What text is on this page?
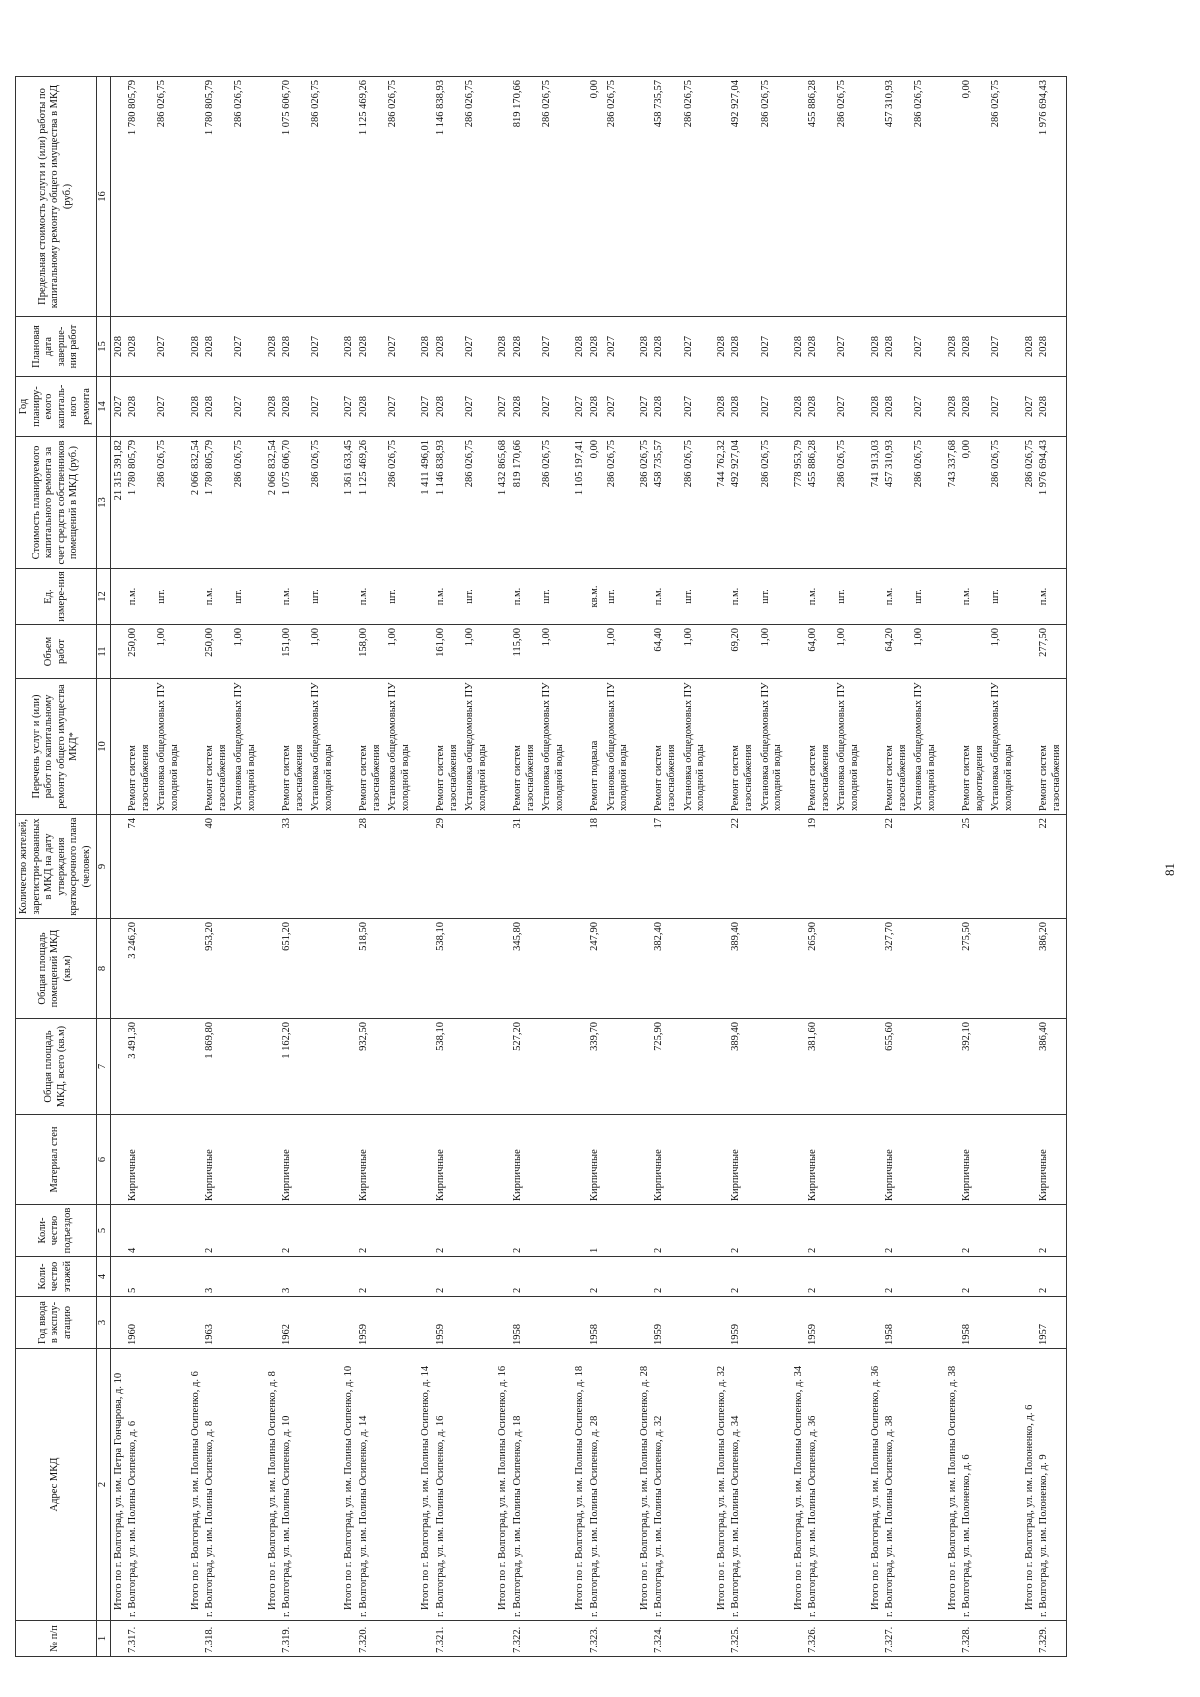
81
№ п/п	Адрес МКД	Год ввода в эксплу-атацию	Коли-чество этажей	Коли-чество подъездов	Материал стен	Общая площадь МКД, всего (кв.м)	Общая площадь помещений МКД (кв.м)	Количество жителей, зарегистри-рованных в МКД на дату утверждения краткосрочного плана (человек)	Перечень услуг и (или) работ по капитальному ремонту общего имущества МКД*	Объем работ	Ед. измере-ния	Стоимость планируемого капитального ремонта за счет средств собственников помещений в МКД (руб.)	Год планиру-емого капиталь-ного ремонта	Плановая дата заверше-ния работ	Предельная стоимость услуги и (или) работы по капитальному ремонту общего имущества в МКД (руб.)
1	2	3	4	5	6	7	8	9	10	11	12	13	14	15	16
	Итого по г. Волгоград, ул. им. Петра Гончарова, д. 10											21 315 391,82	2027	2028	
7.317.	г. Волгоград, ул. им. Полины Осипенко, д. 6	1960	5	4	Кирпичные	3 491,30	3 246,20	74	Ремонт систем газоснабжения	250,00	п.м.	1 780 805,79	2028	2028	1 780 805,79
									Установка общедомовых ПУ холодной воды	1,00	шт.	286 026,75	2027	2027	286 026,75
	Итого по г. Волгоград, ул. им. Полины Осипенко, д. 6											2 066 832,54	2028	2028	
7.318.	г. Волгоград, ул. им. Полины Осипенко, д. 8	1963	3	2	Кирпичные	1 869,80	953,20	40	Ремонт систем газоснабжения	250,00	п.м.	1 780 805,79	2028	2028	1 780 805,79
									Установка общедомовых ПУ холодной воды	1,00	шт.	286 026,75	2027	2027	286 026,75
	Итого по г. Волгоград, ул. им. Полины Осипенко, д. 8											2 066 832,54	2028	2028	
7.319.	г. Волгоград, ул. им. Полины Осипенко, д. 10	1962	3	2	Кирпичные	1 162,20	651,20	33	Ремонт систем газоснабжения	151,00	п.м.	1 075 606,70	2028	2028	1 075 606,70
									Установка общедомовых ПУ холодной воды	1,00	шт.	286 026,75	2027	2027	286 026,75
	Итого по г. Волгоград, ул. им. Полины Осипенко, д. 10											1 361 633,45	2027	2028	
7.320.	г. Волгоград, ул. им. Полины Осипенко, д. 14	1959	2	2	Кирпичные	932,50	518,50	28	Ремонт систем газоснабжения	158,00	п.м.	1 125 469,26	2028	2028	1 125 469,26
									Установка общедомовых ПУ холодной воды	1,00	шт.	286 026,75	2027	2027	286 026,75
	Итого по г. Волгоград, ул. им. Полины Осипенко, д. 14											1 411 496,01	2027	2028	
7.321.	г. Волгоград, ул. им. Полины Осипенко, д. 16	1959	2	2	Кирпичные	538,10	538,10	29	Ремонт систем газоснабжения	161,00	п.м.	1 146 838,93	2028	2028	1 146 838,93
									Установка общедомовых ПУ холодной воды	1,00	шт.	286 026,75	2027	2027	286 026,75
	Итого по г. Волгоград, ул. им. Полины Осипенко, д. 16											1 432 865,68	2027	2028	
7.322.	г. Волгоград, ул. им. Полины Осипенко, д. 18	1958	2	2	Кирпичные	527,20	345,80	31	Ремонт систем газоснабжения	115,00	п.м.	819 170,66	2028	2028	819 170,66
									Установка общедомовых ПУ холодной воды	1,00	шт.	286 026,75	2027	2027	286 026,75
	Итого по г. Волгоград, ул. им. Полины Осипенко, д. 18											1 105 197,41	2027	2028	
7.323.	г. Волгоград, ул. им. Полины Осипенко, д. 28	1958	2	1	Кирпичные	339,70	247,90	18	Ремонт подвала		кв.м.	0,00	2028	2028	0,00
									Установка общедомовых ПУ холодной воды	1,00	шт.	286 026,75	2027	2027	286 026,75
	Итого по г. Волгоград, ул. им. Полины Осипенко, д. 28											286 026,75	2027	2028	
7.324.	г. Волгоград, ул. им. Полины Осипенко, д. 32	1959	2	2	Кирпичные	725,90	382,40	17	Ремонт систем газоснабжения	64,40	п.м.	458 735,57	2028	2028	458 735,57
									Установка общедомовых ПУ холодной воды	1,00	шт.	286 026,75	2027	2027	286 026,75
	Итого по г. Волгоград, ул. им. Полины Осипенко, д. 32											744 762,32	2028	2028	
7.325.	г. Волгоград, ул. им. Полины Осипенко, д. 34	1959	2	2	Кирпичные	389,40	389,40	22	Ремонт систем газоснабжения	69,20	п.м.	492 927,04	2028	2028	492 927,04
									Установка общедомовых ПУ холодной воды	1,00	шт.	286 026,75	2027	2027	286 026,75
	Итого по г. Волгоград, ул. им. Полины Осипенко, д. 34											778 953,79	2028	2028	
7.326.	г. Волгоград, ул. им. Полины Осипенко, д. 36	1959	2	2	Кирпичные	381,60	265,90	19	Ремонт систем газоснабжения	64,00	п.м.	455 886,28	2028	2028	455 886,28
									Установка общедомовых ПУ холодной воды	1,00	шт.	286 026,75	2027	2027	286 026,75
	Итого по г. Волгоград, ул. им. Полины Осипенко, д. 36											741 913,03	2028	2028	
7.327.	г. Волгоград, ул. им. Полины Осипенко, д. 38	1958	2	2	Кирпичные	655,60	327,70	22	Ремонт систем газоснабжения	64,20	п.м.	457 310,93	2028	2028	457 310,93
									Установка общедомовых ПУ холодной воды	1,00	шт.	286 026,75	2027	2027	286 026,75
	Итого по г. Волгоград, ул. им. Полины Осипенко, д. 38											743 337,68	2028	2028	
7.328.	г. Волгоград, ул. им. Полоненко, д. 6	1958	2	2	Кирпичные	392,10	275,50	25	Ремонт систем водоотведения		п.м.	0,00	2028	2028	0,00
									Установка общедомовых ПУ холодной воды	1,00	шт.	286 026,75	2027	2027	286 026,75
	Итого по г. Волгоград, ул. им. Полоненко, д. 6											286 026,75	2027	2028	
7.329.	г. Волгоград, ул. им. Полоненко, д. 9	1957	2	2	Кирпичные	386,40	386,20	22	Ремонт систем газоснабжения	277,50	п.м.	1 976 694,43	2028	2028	1 976 694,43
